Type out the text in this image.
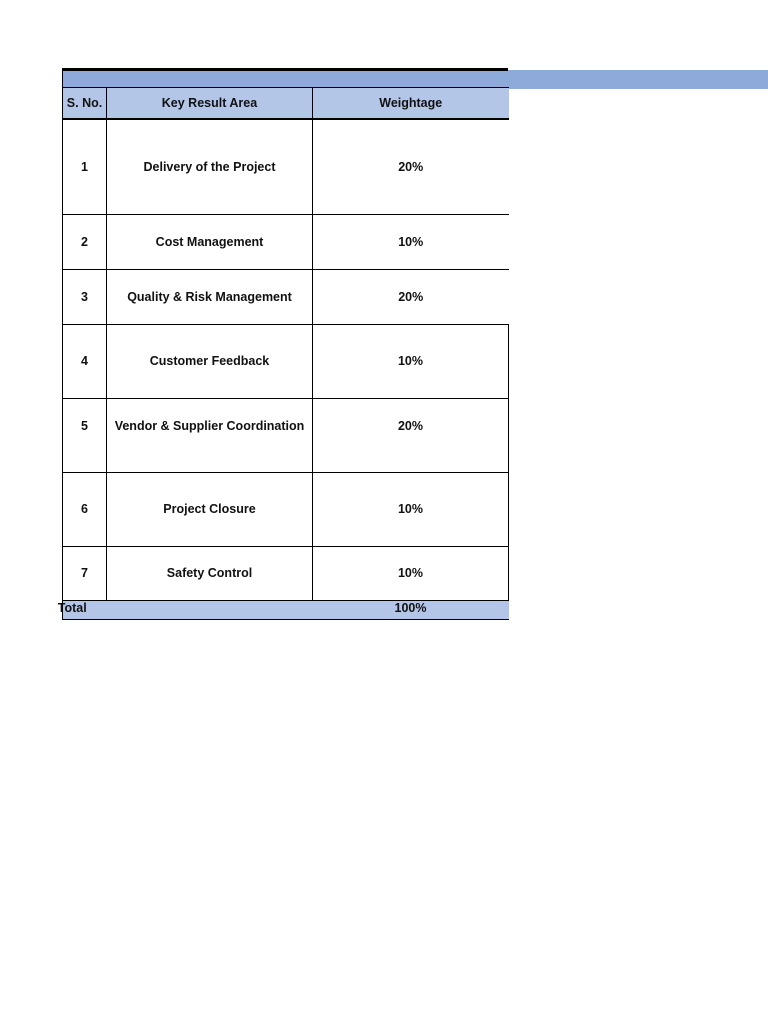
S. No.	Key Result Area	Weightage
1	Delivery of the Project	20%
2	Cost Management	10%
3	Quality & Risk Management	20%
4	Customer Feedback	10%
5	Vendor & Supplier Coordination	20%
6	Project Closure	10%
7	Safety Control	10%
Total		100%
